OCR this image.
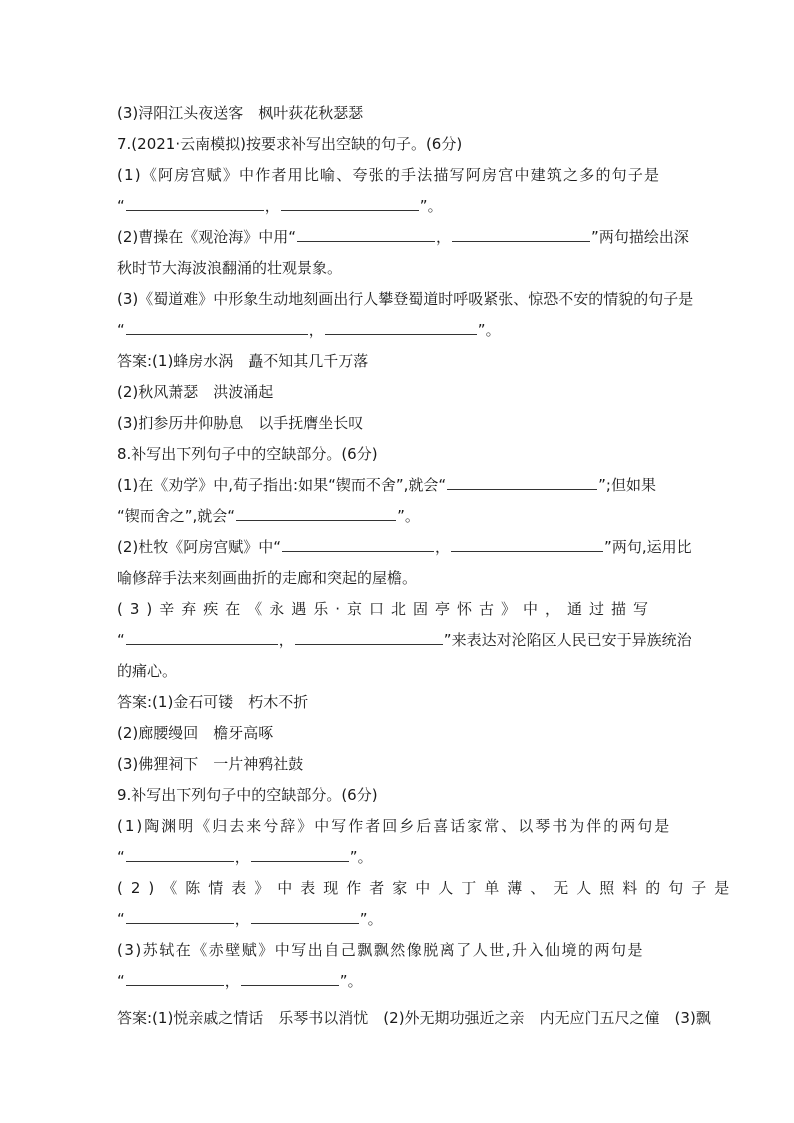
(3)浔阳江头夜送客　枫叶荻花秋瑟瑟
7.(2021·云南模拟)按要求补写出空缺的句子。(6分)
(1)《阿房宫赋》中作者用比喻、夸张的手法描写阿房宫中建筑之多的句子是
“	，	”。
(2)曹操在《观沧海》中用“	，	”两句描绘出深
秋时节大海波浪翻涌的壮观景象。
(3)《蜀道难》中形象生动地刻画出行人攀登蜀道时呼吸紧张、惊恐不安的情貌的句子是
“	，	”。
答案:(1)蜂房水涡　矗不知其几千万落
(2)秋风萧瑟　洪波涌起
(3)扪参历井仰胁息　以手抚膺坐长叹
8.补写出下列句子中的空缺部分。(6分)
(1)在《劝学》中,荀子指出:如果“锲而不舍”,就会“	”;但如果
“锲而舍之”,就会“	”。
(2)杜牧《阿房宫赋》中“	，	”两句,运用比
喻修辞手法来刻画曲折的走廊和突起的屋檐。
(3)辛弃疾在《永遇乐·京口北固亭怀古》中，通过描写
“	，	”来表达对沦陷区人民已安于异族统治
的痛心。
答案:(1)金石可镂　朽木不折
(2)廊腰缦回　檐牙高啄
(3)佛狸祠下　一片神鸦社鼓
9.补写出下列句子中的空缺部分。(6分)
(1)陶渊明《归去来兮辞》中写作者回乡后喜话家常、以琴书为伴的两句是
“	，	”。
(2)《陈情表》中表现作者家中人丁单薄、无人照料的句子是
“	，	”。
(3)苏轼在《赤壁赋》中写出自己飘飘然像脱离了人世,升入仙境的两句是
“	，	”。
答案:(1)悦亲戚之情话　乐琴书以消忧　(2)外无期功强近之亲　内无应门五尺之僮　(3)飘
